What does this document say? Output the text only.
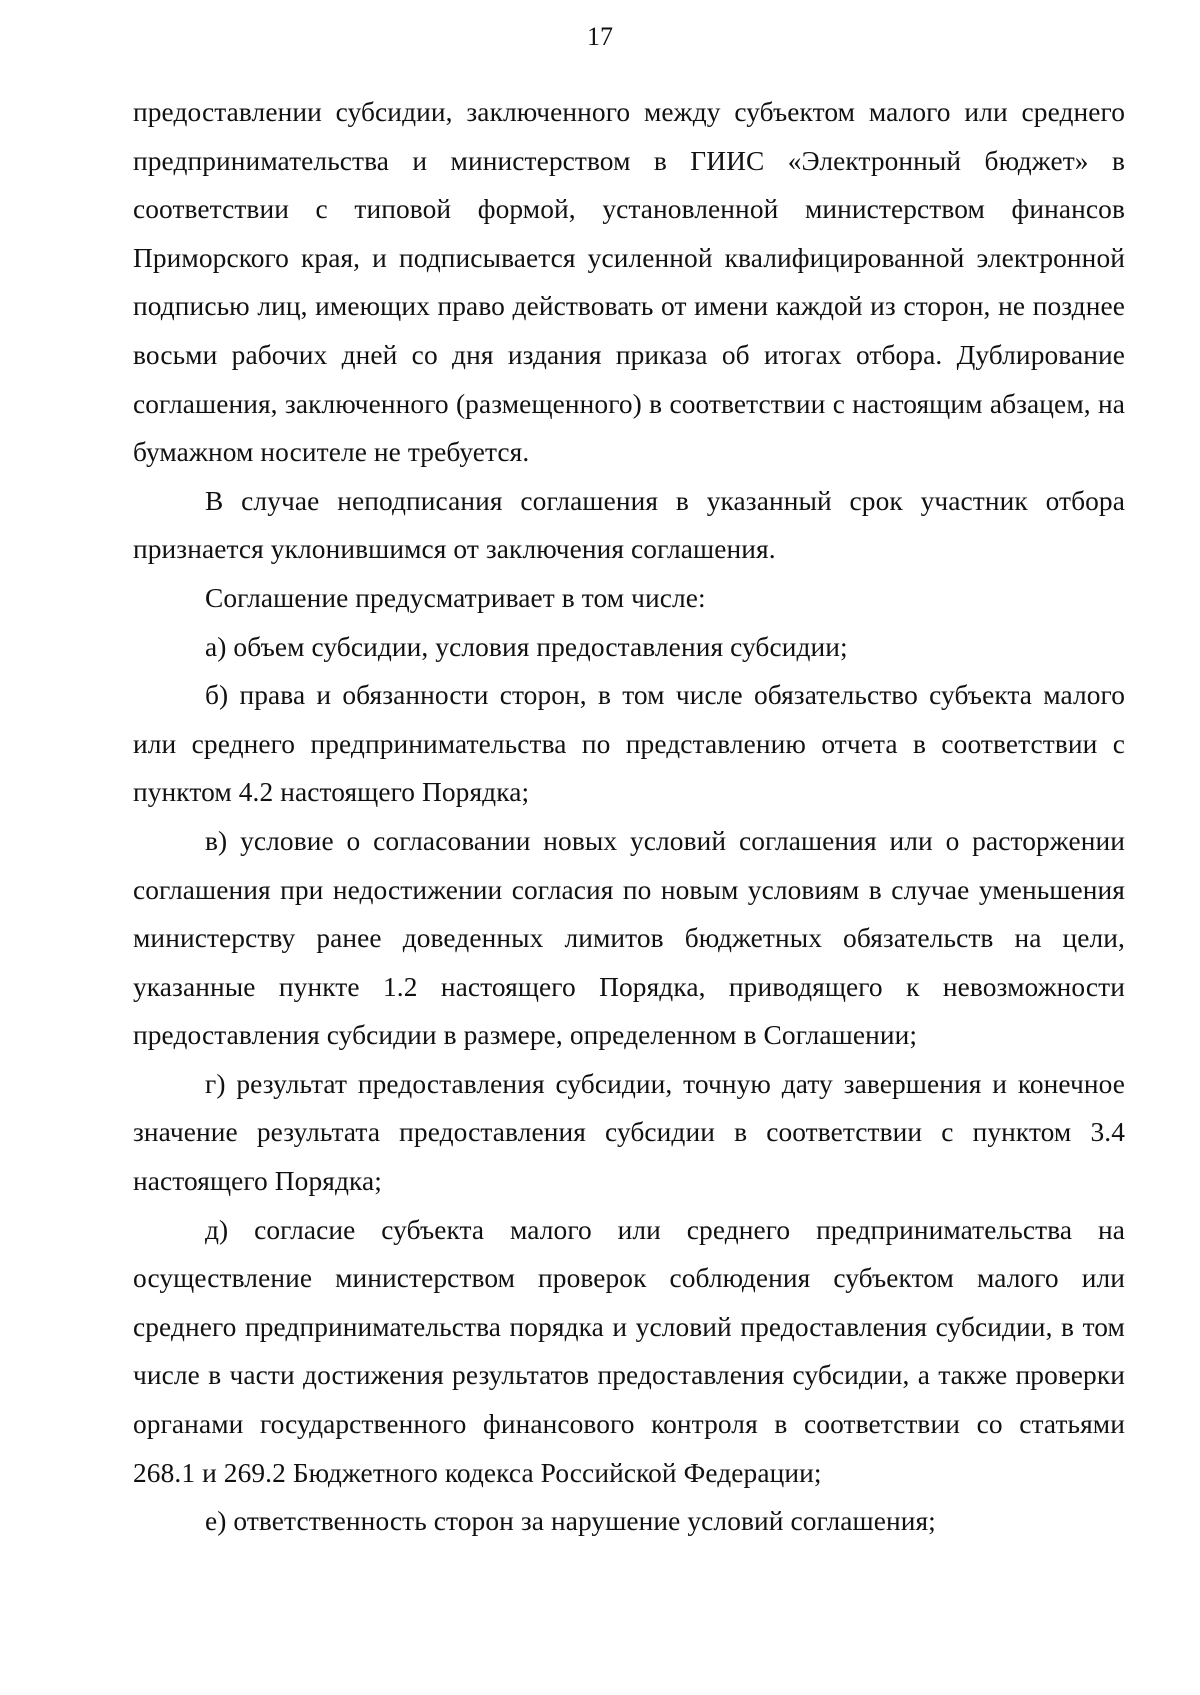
17

предоставлении субсидии, заключенного между субъектом малого или среднего предпринимательства и министерством в ГИИС «Электронный бюджет» в соответствии с типовой формой, установленной министерством финансов Приморского края, и подписывается усиленной квалифицированной электронной подписью лиц, имеющих право действовать от имени каждой из сторон, не позднее восьми рабочих дней со дня издания приказа об итогах отбора. Дублирование соглашения, заключенного (размещенного) в соответствии с настоящим абзацем, на бумажном носителе не требуется.

В случае неподписания соглашения в указанный срок участник отбора признается уклонившимся от заключения соглашения.

Соглашение предусматривает в том числе:

а) объем субсидии, условия предоставления субсидии;

б) права и обязанности сторон, в том числе обязательство субъекта малого или среднего предпринимательства по представлению отчета в соответствии с пунктом 4.2 настоящего Порядка;

в) условие о согласовании новых условий соглашения или о расторжении соглашения при недостижении согласия по новым условиям в случае уменьшения министерству ранее доведенных лимитов бюджетных обязательств на цели, указанные пункте 1.2 настоящего Порядка, приводящего к невозможности предоставления субсидии в размере, определенном в Соглашении;

г) результат предоставления субсидии, точную дату завершения и конечное значение результата предоставления субсидии в соответствии с пунктом 3.4 настоящего Порядка;

д) согласие субъекта малого или среднего предпринимательства на осуществление министерством проверок соблюдения субъектом малого или среднего предпринимательства порядка и условий предоставления субсидии, в том числе в части достижения результатов предоставления субсидии, а также проверки органами государственного финансового контроля в соответствии со статьями 268.1 и 269.2 Бюджетного кодекса Российской Федерации;

е) ответственность сторон за нарушение условий соглашения;
